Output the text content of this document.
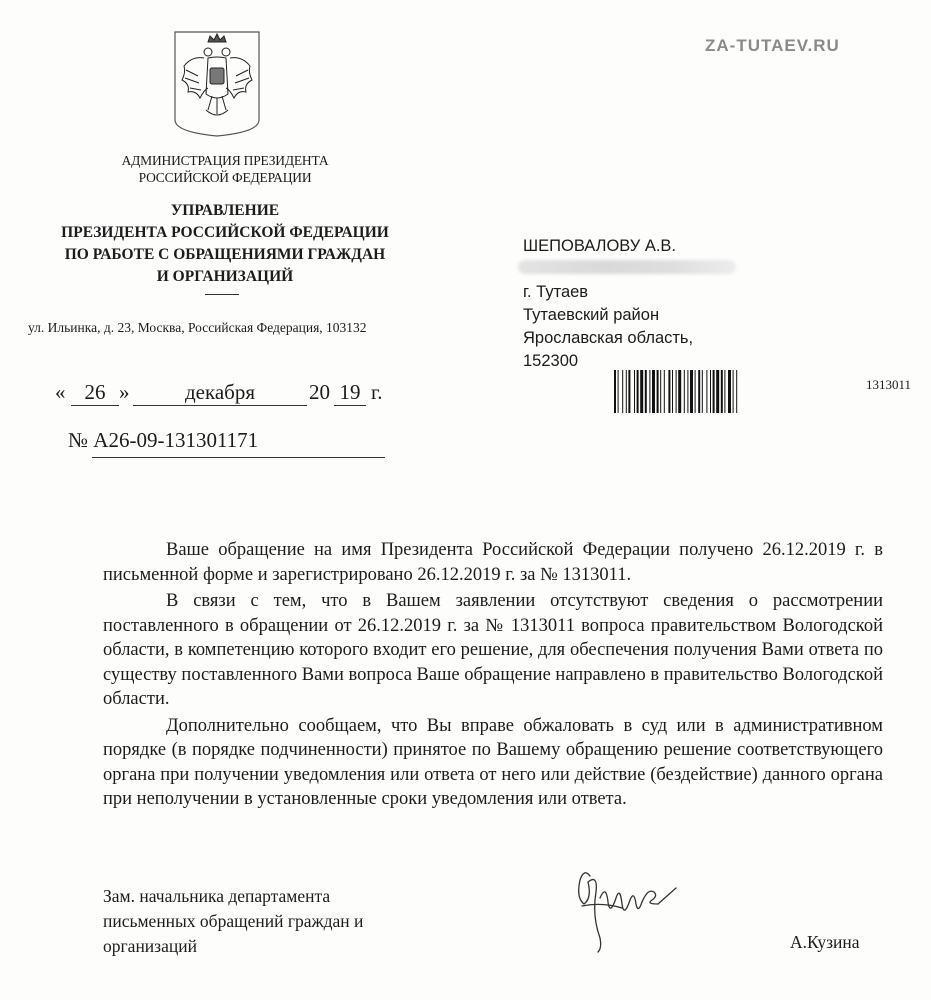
ZA-TUTAEV.RU
АДМИНИСТРАЦИЯ ПРЕЗИДЕНТА
РОССИЙСКОЙ ФЕДЕРАЦИИ
УПРАВЛЕНИЕ
ПРЕЗИДЕНТА РОССИЙСКОЙ ФЕДЕРАЦИИ
ПО РАБОТЕ С ОБРАЩЕНИЯМИ ГРАЖДАН
И ОРГАНИЗАЦИЙ
ул. Ильинка, д. 23, Москва, Российская Федерация, 103132
« 26 »	декабря	20 19 г.
№ А26-09-131301171
ШЕПОВАЛОВУ А.В.
г. Тутаев
Тутаевский район
Ярославская область,
152300
1313011

Ваше обращение на имя Президента Российской Федерации получено 26.12.2019 г. в письменной форме и зарегистрировано 26.12.2019 г. за № 1313011.

В связи с тем, что в Вашем заявлении отсутствуют сведения о рассмотрении поставленного в обращении от 26.12.2019 г. за № 1313011 вопроса правительством Вологодской области, в компетенцию которого входит его решение, для обеспечения получения Вами ответа по существу поставленного Вами вопроса Ваше обращение направлено в правительство Вологодской области.

Дополнительно сообщаем, что Вы вправе обжаловать в суд или в административном порядке (в порядке подчиненности) принятое по Вашему обращению решение соответствующего органа при получении уведомления или ответа от него или действие (бездействие) данного органа при неполучении в установленные сроки уведомления или ответа.

Зам. начальника департамента
письменных обращений граждан и
организаций	А.Кузина
